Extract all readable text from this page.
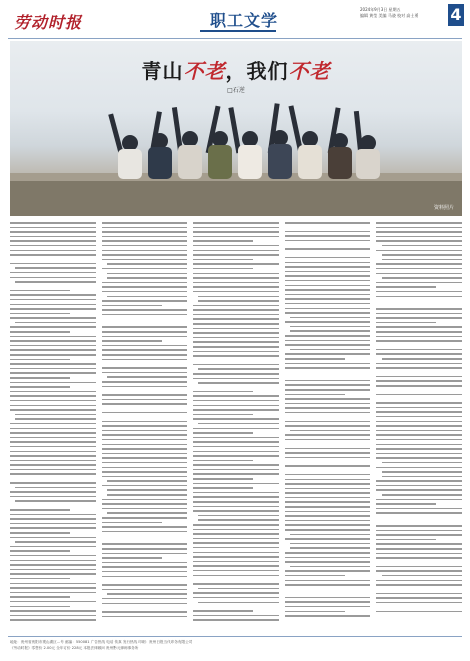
劳动时报	职工文学
2024年9月3日 星期五
编辑 黄莹 美编 马骁 校对 高士勇 4
青山不老，我们不老
□石逆
资料照片
地址：贵州省贵阳市观山湖区…号 邮编：550081 广告热线 电话 传真 发行热线 印刷：贵州日报当代印务有限公司
《劳动时报》零售价 2.00元 全年订价 228元 本报法律顾问 贵州黔元律师事务所
